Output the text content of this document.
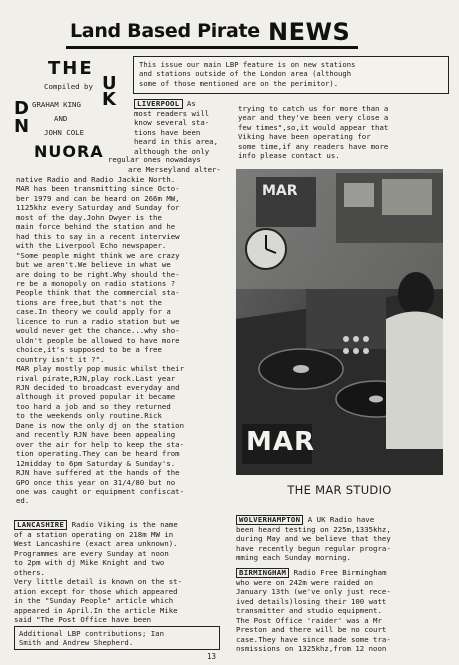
Land Based Pirate NEWS
THE
UK
DN
NUORA
Compiled by
GRAHAM KING
AND
JOHN COLE
This issue our main LBP feature is on new stations
and stations outside of the London area (although
some of those mentioned are on the perimitor).
LIVERPOOL As
most readers will
know several sta-
tions have been
heard in this area,
although the only
regular ones nowadays
are Merseyland alter-
native Radio and Radio Jackie North.
MAR has been transmitting since Octo-
ber 1979 and can be heard on 266m MW,
1125khz every Saturday and Sunday for
most of the day.John Dwyer is the
main force behind the station and he
had this to say in a recent interview
with the Liverpool Echo newspaper.
"Some people might think we are crazy
but we aren't.We believe in what we
are doing to be right.Why should the-
re be a monopoly on radio stations ?
People think that the commercial sta-
tions are free,but that's not the
case.In theory we could apply for a
licence to run a radio station but we
would never get the chance...why sho-
uldn't people be allowed to have more
choice,it's supposed to be a free
country isn't it ?".
MAR play mostly pop music whilst their
rival pirate,RJN,play rock.Last year
RJN decided to broadcast everyday and
although it proved popular it became
too hard a job and so they returned
to the weekends only routine.Rick
Dane is now the only dj on the station
and recently RJN have been appealing
over the air for help to keep the sta-
tion operating.They can be heard from
12midday to 6pm Saturday & Sunday's.
RJN have suffered at the hands of the
GPO once this year on 31/4/80 but no
one was caught or equipment confiscat-
ed.
LANCASHIRE Radio Viking is the name
of a station operating on 218m MW in
West Lancashire (exact area unknown).
Programmes are every Sunday at noon
to 2pm with dj Mike Knight and two
others.
Very little detail is known on the st-
ation except for those which appeared
in the "Sunday People" article which
appeared in April.In the article Mike
said "The Post Office have been
Additional LBP contributions; Ian
Smith and Andrew Shepherd.
13
trying to catch us for more than a
year and they've been very close a
few times",so,it would appear that
Viking have been operating for
some time,if any readers have more
info please contact us.
MAR
MAR
THE MAR STUDIO
WOLVERHAMPTON A UK Radio have
been heard testing on 225m,1335khz,
during May and we believe that they
have recently begun regular progra-
mming each Sunday morning.
BIRMINGHAM Radio Free Birmingham
who were on 242m were raided on
January 13th (we've only just rece-
ived details)losing their 100 watt
transmitter and studio equipment.
The Post Office 'raider' was a Mr
Preston and there will be no court
case.They have since made some tra-
nsmissions on 1325khz,from 12 noon
